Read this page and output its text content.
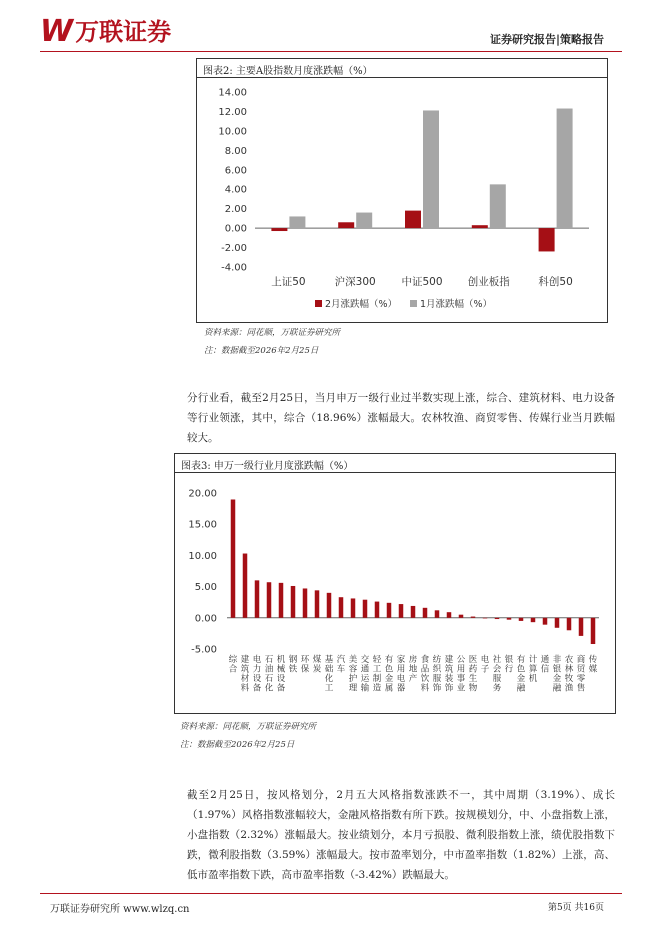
W 万联证券	证券研究报告|策略报告
图表2: 主要A股指数月度涨跌幅（%）
-4.00
-2.00
0.00
2.00
4.00
6.00
8.00
10.00
12.00
14.00
上证50	沪深300 中证500 创业板指	科创50
2月涨跌幅（%） 1月涨跌幅（%）
资料来源：同花顺，万联证券研究所
注：数据截至2026年2月25日
分行业看，截至2月25日，当月申万一级行业过半数实现上涨，综合、建筑材料、电力设备等行业领涨，其中，综合（18.96%）涨幅最大。农林牧渔、商贸零售、传媒行业当月跌幅较大。
图表3: 申万一级行业月度涨跌幅（%）
-5.00
0.00
5.00
10.00
15.00
20.00
综合
建筑材料
电力设备
石油石化
机械设备
钢铁
环保
煤炭
基础化工
汽车
美容护理
交通运输
轻工制造
有色金属
家用电器
房地产
食品饮料
纺织服饰
建筑装饰
公用事业
医药生物
电子
社会服务
银行
有色金融
计算机
通信
非银金融
农林牧渔
商贸零售
传媒
资料来源：同花顺，万联证券研究所
注：数据截至2026年2月25日
截至2月25日，按风格划分，2月五大风格指数涨跌不一，其中周期（3.19%）、成长（1.97%）风格指数涨幅较大，金融风格指数有所下跌。按规模划分，中、小盘指数上涨，小盘指数（2.32%）涨幅最大。按业绩划分，本月亏损股、微利股指数上涨，绩优股指数下跌，微利股指数（3.59%）涨幅最大。按市盈率划分，中市盈率指数（1.82%）上涨，高、低市盈率指数下跌，高市盈率指数（-3.42%）跌幅最大。
万联证券研究所 www.wlzq.cn	第5页 共16页
